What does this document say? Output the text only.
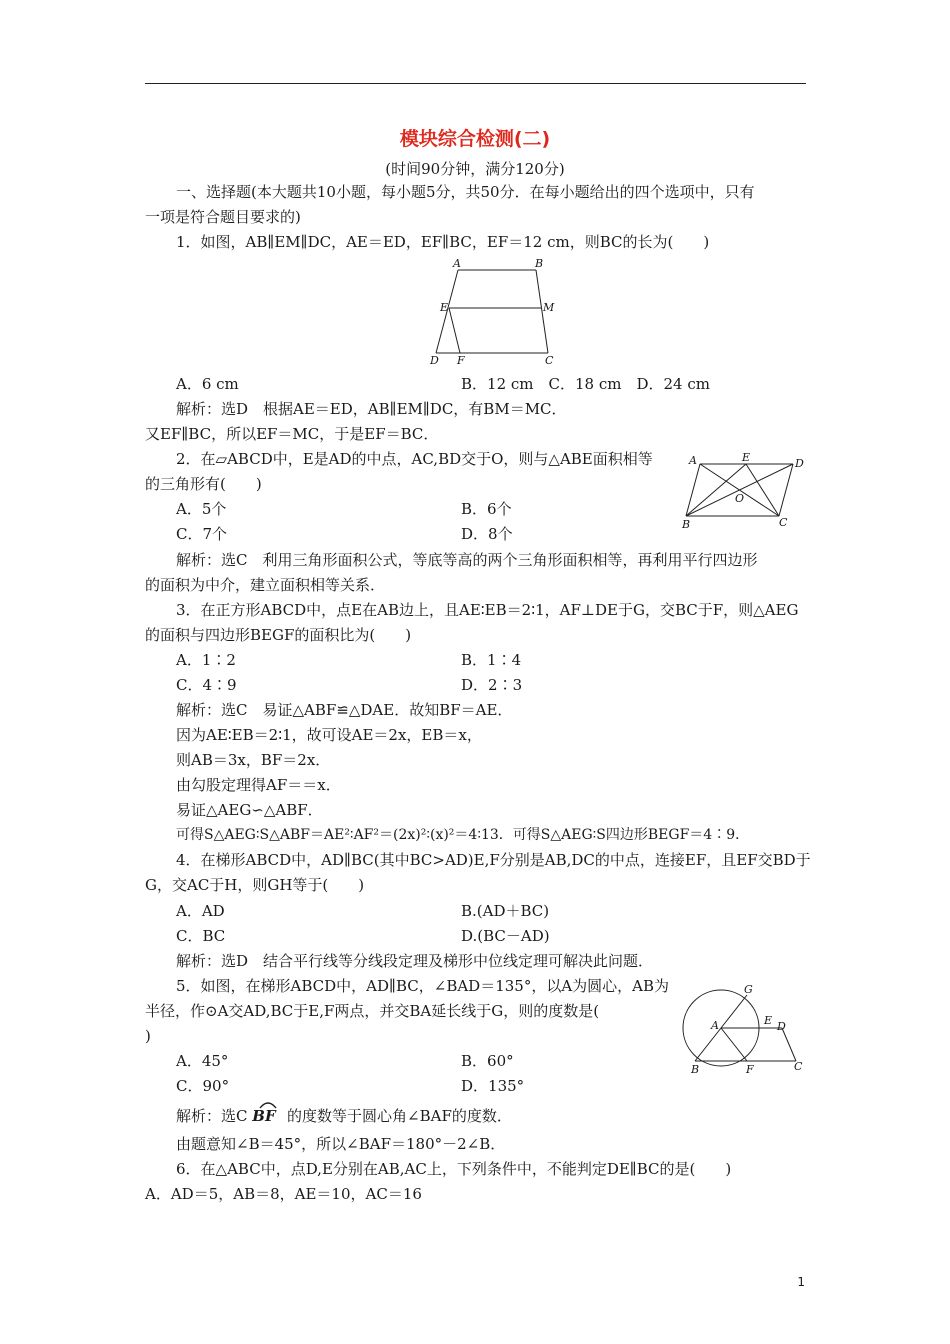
模块综合检测(二)
(时间90分钟，满分120分)
一、选择题(本大题共10小题，每小题5分，共50分．在每小题给出的四个选项中，只有
一项是符合题目要求的)
1．如图，AB∥EM∥DC，AE＝ED，EF∥BC，EF＝12 cm，则BC的长为(　　)
A	B
E	M
D F	C
A．6 cm	B．12 cm　C．18 cm　D．24 cm
解析：选D　根据AE＝ED，AB∥EM∥DC，有BM＝MC．
又EF∥BC，所以EF＝MC，于是EF＝BC．
2．在▱ABCD中，E是AD的中点，AC,BD交于O，则与△ABE面积相等
的三角形有(　　)
A	E	D
O
B	C
A．5个	B．6个
C．7个	D．8个
解析：选C　利用三角形面积公式，等底等高的两个三角形面积相等，再利用平行四边形
的面积为中介，建立面积相等关系．
3．在正方形ABCD中，点E在AB边上，且AE∶EB＝2∶1，AF⊥DE于G，交BC于F，则△AEG
的面积与四边形BEGF的面积比为(　　)
A．1∶2	B．1∶4
C．4∶9	D．2∶3
解析：选C　易证△ABF≌△DAE．故知BF＝AE．
因为AE∶EB＝2∶1，故可设AE＝2x，EB＝x，
则AB＝3x，BF＝2x．
由勾股定理得AF＝＝x．
易证△AEG∽△ABF．
可得S△AEG∶S△ABF＝AE²∶AF²＝(2x)²∶(x)²＝4∶13．可得S△AEG∶S四边形BEGF＝4∶9．
4．在梯形ABCD中，AD∥BC(其中BC>AD)E,F分别是AB,DC的中点，连接EF，且EF交BD于
G，交AC于H，则GH等于(　　)
A．AD	B.(AD＋BC)
C．BC	D.(BC－AD)
解析：选D　结合平行线等分线段定理及梯形中位线定理可解决此问题．
5．如图，在梯形ABCD中，AD∥BC，∠BAD＝135°，以A为圆心，AB为
半径，作⊙A交AD,BC于E,F两点，并交BA延长线于G，则的度数是(
)
G
A	E D
B	F	C
A．45°	B．60°
C．90°	D．135°
解析：选C BF 的度数等于圆心角∠BAF的度数．
由题意知∠B＝45°，所以∠BAF＝180°－2∠B．
6．在△ABC中，点D,E分别在AB,AC上，下列条件中，不能判定DE∥BC的是(　　)
A．AD＝5，AB＝8，AE＝10，AC＝16
1
